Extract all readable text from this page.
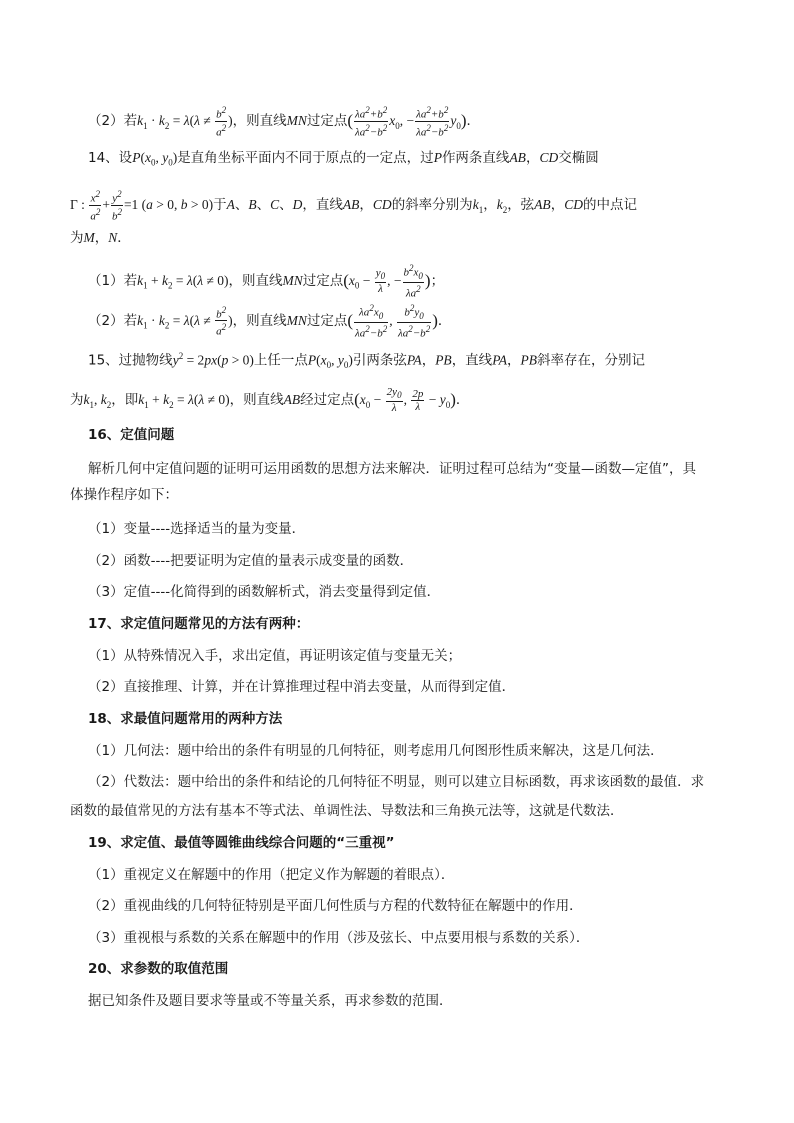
（2）若$k_1 \cdot k_2 = \lambda(\lambda \ne \frac{b^2}{a^2}$ )，则直线MN过定点( $\frac{\lambda a^2+b^2}{\lambda a^2-b^2} x_0$, − $\frac{\lambda a^2+b^2}{\lambda a^2-b^2} y_0$)．
14、设$P(x_0$, $y_0$)是直角坐标平面内不同于原点的一定点，过P作两条直线AB，CD交椭圆
Γ : $\frac{x^2}{a^2} + \frac{y^2}{b^2} =1$ (a > 0, b > 0)于A、B、C、D，直线AB，CD的斜率分别为$k_1$，$k_2$，弦AB，CD的中点记
为M，N．
（1）若$k_1 + k_2 = \lambda(\lambda \ne 0)$，则直线MN过定点($x_0 - \frac{y_0}{\lambda}$ , − $\frac{b^2x_0}{\lambda a^2}$ )；
（2）若$k_1 \cdot k_2 = \lambda(\lambda \ne \frac{b^2}{a^2}$ )，则直线MN过定点( $\frac{\lambda a^2x_0}{\lambda a^2-b^2}$ , $\frac{b^2y_0}{\lambda a^2-b^2}$ )．
15、过抛物线$y^2 = 2px(p > 0)$上任一点$P(x_0$, $y_0$)引两条弦PA，PB，直线PA，PB斜率存在，分别记
为$k_1$, $k_2$，即$k_1 + k_2 = \lambda(\lambda \ne 0)$，则直线AB经过定点($x_0 - \frac{2y_0}{\lambda}$ , $\frac{2p}{\lambda} - y_0$)．
16、定值问题
解析几何中定值问题的证明可运用函数的思想方法来解决．证明过程可总结为“变量—函数—定值”，具
体操作程序如下：
（1）变量----选择适当的量为变量．
（2）函数----把要证明为定值的量表示成变量的函数．
（3）定值----化简得到的函数解析式，消去变量得到定值．
17、求定值问题常见的方法有两种：
（1）从特殊情况入手，求出定值，再证明该定值与变量无关；
（2）直接推理、计算，并在计算推理过程中消去变量，从而得到定值．
18、求最值问题常用的两种方法
（1）几何法：题中给出的条件有明显的几何特征，则考虑用几何图形性质来解决，这是几何法．
（2）代数法：题中给出的条件和结论的几何特征不明显，则可以建立目标函数，再求该函数的最值．求
函数的最值常见的方法有基本不等式法、单调性法、导数法和三角换元法等，这就是代数法．
19、求定值、最值等圆锥曲线综合问题的“三重视”
（1）重视定义在解题中的作用（把定义作为解题的着眼点）．
（2）重视曲线的几何特征特别是平面几何性质与方程的代数特征在解题中的作用．
（3）重视根与系数的关系在解题中的作用（涉及弦长、中点要用根与系数的关系）．
20、求参数的取值范围
据已知条件及题目要求等量或不等量关系，再求参数的范围．
